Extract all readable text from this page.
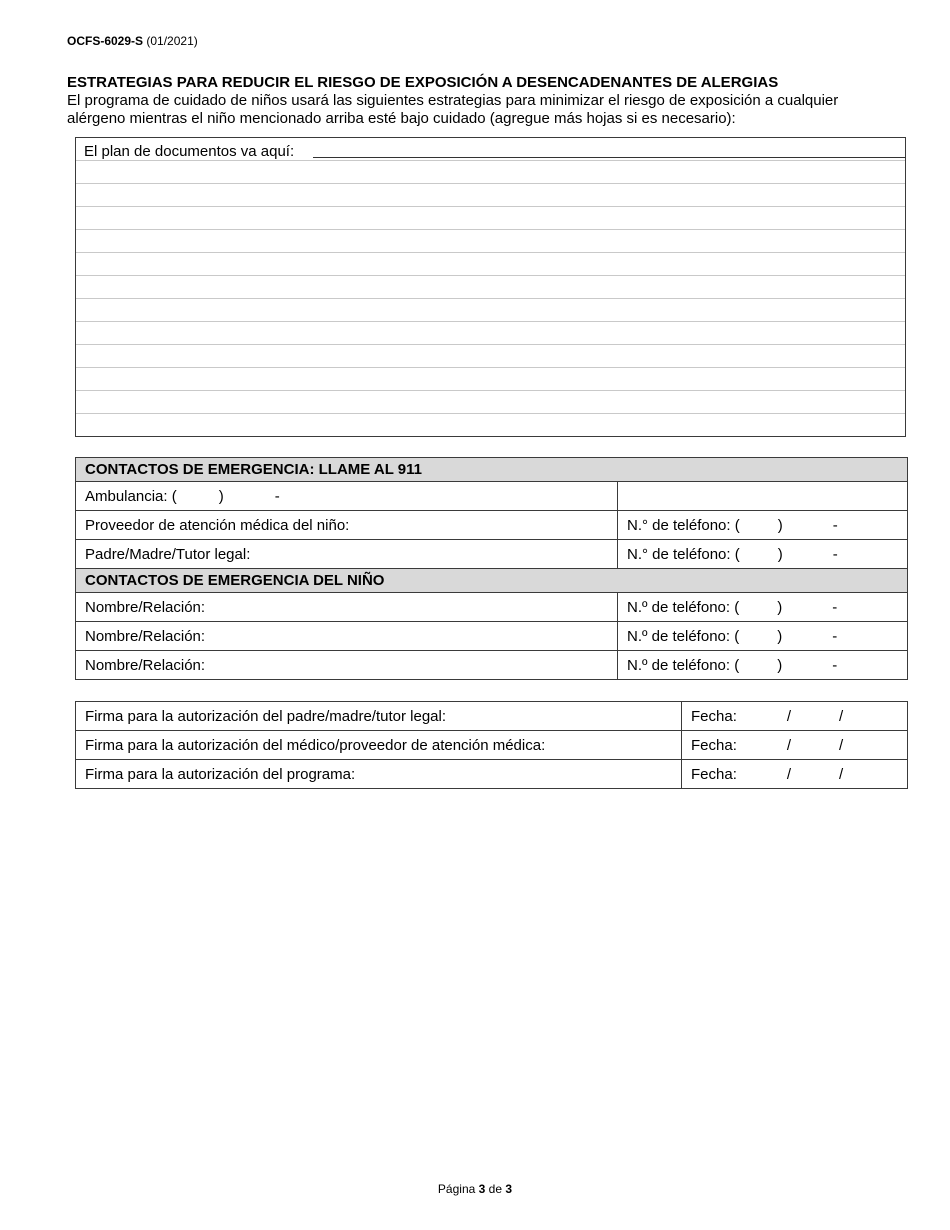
OCFS-6029-S (01/2021)
ESTRATEGIAS PARA REDUCIR EL RIESGO DE EXPOSICIÓN A DESENCADENANTES DE ALERGIAS
El programa de cuidado de niños usará las siguientes estrategias para minimizar el riesgo de exposición a cualquier alérgeno mientras el niño mencionado arriba esté bajo cuidado (agregue más hojas si es necesario):
El plan de documentos va aquí:
CONTACTOS DE EMERGENCIA: LLAME AL 911	
Ambulancia: ( ) -	
Proveedor de atención médica del niño:	N.° de teléfono: ( ) -
Padre/Madre/Tutor legal:	N.° de teléfono: ( ) -
CONTACTOS DE EMERGENCIA DEL NIÑO	
Nombre/Relación:	N.º de teléfono: ( ) -
Nombre/Relación:	N.º de teléfono: ( ) -
Nombre/Relación:	N.º de teléfono: ( ) -
Firma para la autorización del padre/madre/tutor legal:	Fecha: / /
Firma para la autorización del médico/proveedor de atención médica:	Fecha: / /
Firma para la autorización del programa:	Fecha: / /
Página 3 de 3
